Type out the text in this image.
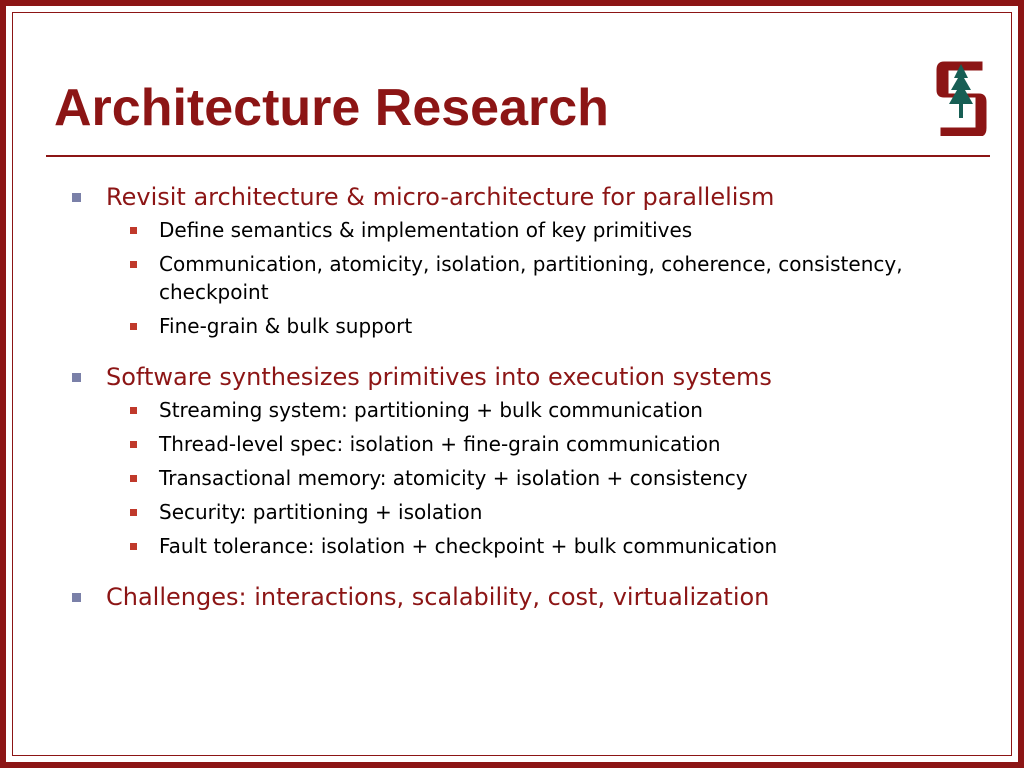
Architecture Research
Revisit architecture & micro-architecture for parallelism
Define semantics & implementation of key primitives
Communication, atomicity, isolation, partitioning, coherence, consistency, checkpoint
Fine-grain & bulk support
Software synthesizes primitives into execution systems
Streaming system: partitioning + bulk communication
Thread-level spec: isolation + fine-grain communication
Transactional memory: atomicity + isolation + consistency
Security: partitioning + isolation
Fault tolerance: isolation + checkpoint + bulk communication
Challenges: interactions, scalability, cost, virtualization
